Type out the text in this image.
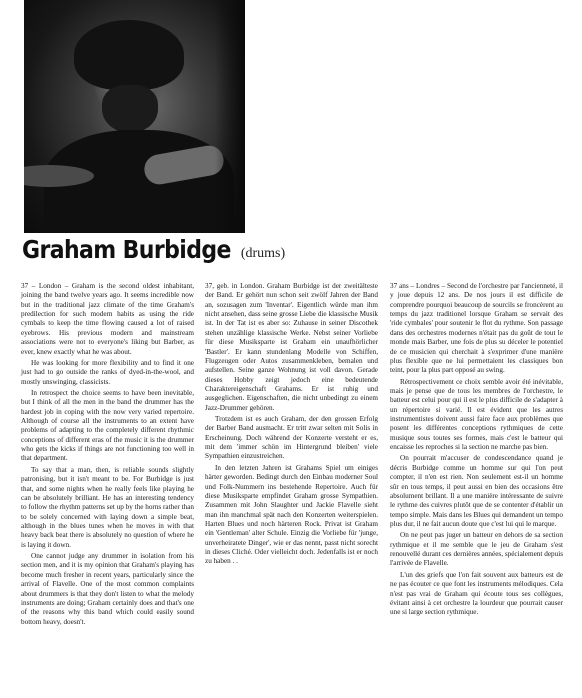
Graham Burbidge (drums)

37 – London – Graham is the second oldest inhabitant, joining the band twelve years ago. It seems incredible now but in the traditional jazz climate of the time Graham's predilection for such modern habits as using the ride cymbals to keep the time flowing caused a lot of raised eyebrows. His previous modern and mainstream associations were not to everyone's liking but Barber, as ever, knew exactly what he was about.

He was looking for more flexibility and to find it one just had to go outside the ranks of dyed-in-the-wool, and mostly unswinging, classicists.

In retrospect the choice seems to have been inevitable, but I think of all the men in the band the drummer has the hardest job in coping with the now very varied repertoire. Although of course all the instruments to an extent have problems of adapting to the completely different rhythmic conceptions of different eras of the music it is the drummer who gets the kicks if things are not functioning too well in that department.

To say that a man, then, is reliable sounds slightly patronising, but it isn't meant to be. For Burbidge is just that, and some nights when he really feels like playing he can be absolutely brilliant. He has an interesting tendency to follow the rhythm patterns set up by the horns rather than to be solely concerned with laying down a simple beat, although in the blues tunes when he moves in with that heavy back beat there is absolutely no question of where he is laying it down.

One cannot judge any drummer in isolation from his section men, and it is my opinion that Graham's playing has become much fresher in recent years, particularly since the arrival of Flavelle. One of the most common complaints about drummers is that they don't listen to what the melody instruments are doing; Graham certainly does and that's one of the reasons why this band which could easily sound bottom heavy, doesn't.

37, geb. in London. Graham Burbidge ist der zweitälteste der Band. Er gehört nun schon seit zwölf Jahren der Band an, sozusagen zum 'Inventar'. Eigentlich würde man ihm nicht ansehen, dass seine grosse Liebe die klassische Musik ist. In der Tat ist es aber so: Zuhause in seiner Discothek stehen unzählige klassische Werke. Nebst seiner Vorliebe für diese Musiksparte ist Graham ein unaufhörlicher 'Bastler'. Er kann stundenlang Modelle von Schiffen, Flugzeugen oder Autos zusammenkleben, bemalen und aufstellen. Seine ganze Wohnung ist voll davon. Gerade dieses Hobby zeigt jedoch eine bedeutende Charaktereigenschaft Grahams. Er ist ruhig und ausgeglichen. Eigenschaften, die nicht unbedingt zu einem Jazz-Drummer gehören.

Trotzdem ist es auch Graham, der den grossen Erfolg der Barber Band ausmacht. Er tritt zwar selten mit Solis in Erscheinung. Doch während der Konzerte versteht er es, mit dem 'immer schön im Hintergrund bleiben' viele Sympathien einzustreichen.

In den letzten Jahren ist Grahams Spiel um einiges härter geworden. Bedingt durch den Einbau moderner Soul und Folk-Nummern ins bestehende Repertoire. Auch für diese Musiksparte empfindet Graham grosse Sympathien. Zusammen mit John Slaughter und Jackie Flavelle sieht man ihn manchmal spät nach den Konzerten weiterspielen. Harten Blues und noch härteren Rock. Privat ist Graham ein 'Gentleman' alter Schule. Einzig die Vorliebe für 'junge, unverheiratete Dinger', wie er das nennt, passt nicht sorecht in dieses Cliché. Oder vielleicht doch. Jedenfalls ist er noch zu haben . .

37 ans – Londres – Second de l'orchestre par l'ancienneté, il y joue depuis 12 ans. De nos jours il est difficile de comprendre pourquoi beaucoup de sourcils se froncèrent au temps du jazz traditionel lorsque Graham se servait des 'ride cymbales' pour soutenir le flot du rythme. Son passage dans des orchestres modernes n'était pas du goût de tout le monde mais Barber, une fois de plus su déceler le potentiel de ce musicien qui cherchait à s'exprimer d'une manière plus flexible que ne lui permettaient les classiques bon teint, pour la plus part opposé au swing.

Rétrospectivement ce choix semble avoir été inévitable, mais je pense que de tous les membres de l'orchestre, le batteur est celui pour qui il est le plus difficile de s'adapter à un répertoire si varié. Il est évident que les autres instrumentistes doivent aussi faire face aux problèmes que posent les différentes conceptions rythmiques de cette musique sous toutes ses formes, mais c'est le batteur qui encaisse les reproches si la section ne marche pas bien.

On pourrait m'accuser de condescendance quand je décris Burbidge comme un homme sur qui l'on peut compter, il n'en est rien. Non seulement est-il un homme sûr en tous temps, il peut aussi en bien des occasions être absolument brillant. Il a une manière intéressante de suivre le rythme des cuivres plutôt que de se contenter d'établir un tempo simple. Mais dans les Blues qui demandent un tempo plus dur, il ne fait aucun doute que c'est lui qui le marque.

On ne peut pas juger un batteur en dehors de sa section rythmique et il me semble que le jeu de Graham s'est renouvellé durant ces dernières années, spécialement depuis l'arrivée de Flavelle.

L'un des griefs que l'on fait souvent aux batteurs est de ne pas écouter ce que font les instruments mélodiques. Cela n'est pas vrai de Graham qui écoute tous ses collègues, évitant ainsi à cet orchestre la lourdeur que pourrait causer une si large section rythmique.
